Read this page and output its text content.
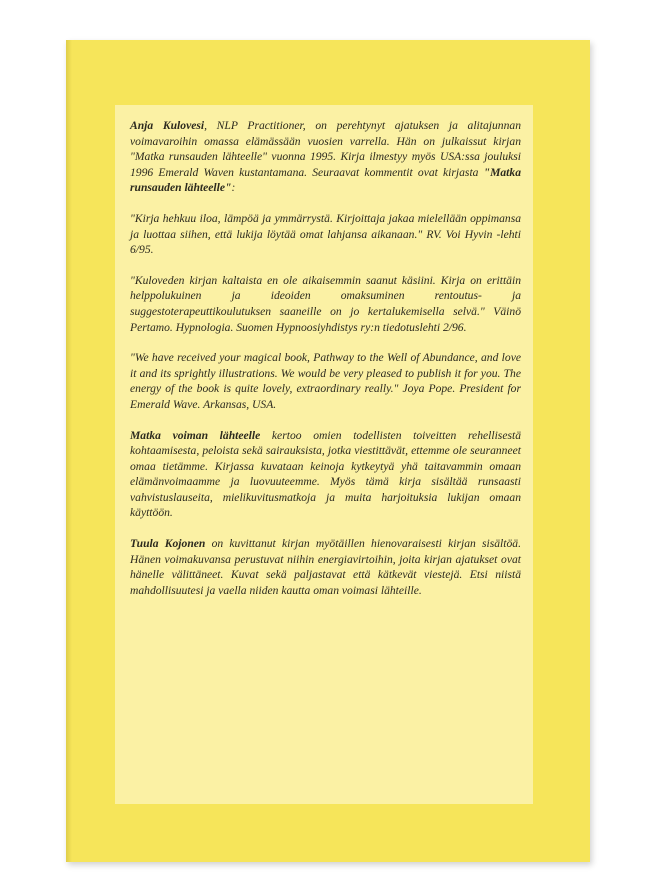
Anja Kulovesi, NLP Practitioner, on perehtynyt ajatuksen ja alitajunnan voimavaroihin omassa elämässään vuosien varrella. Hän on julkaissut kirjan "Matka runsauden lähteelle" vuonna 1995. Kirja ilmestyy myös USA:ssa jouluksi 1996 Emerald Waven kustantamana. Seuraavat kommentit ovat kirjasta "Matka runsauden lähteelle":

"Kirja hehkuu iloa, lämpöä ja ymmärrystä. Kirjoittaja jakaa mielellään oppimansa ja luottaa siihen, että lukija löytää omat lahjansa aikanaan." RV. Voi Hyvin -lehti 6/95.

"Kuloveden kirjan kaltaista en ole aikaisemmin saanut käsiini. Kirja on erittäin helppolukuinen ja ideoiden omaksuminen rentoutus- ja suggestoterapeuttikoulutuksen saaneille on jo kertalukemisella selvä." Väinö Pertamo. Hypnologia. Suomen Hypnoosiyhdistys ry:n tiedotuslehti 2/96.

"We have received your magical book, Pathway to the Well of Abundance, and love it and its sprightly illustrations. We would be very pleased to publish it for you. The energy of the book is quite lovely, extraordinary really." Joya Pope. President for Emerald Wave. Arkansas, USA.

Matka voiman lähteelle kertoo omien todellisten toiveitten rehellisestä kohtaamisesta, peloista sekä sairauksista, jotka viestittävät, ettemme ole seuranneet omaa tietämme. Kirjassa kuvataan keinoja kytkeytyä yhä taitavammin omaan elämänvoimaamme ja luovuuteemme. Myös tämä kirja sisältää runsaasti vahvistuslauseita, mielikuvitusmatkoja ja muita harjoituksia lukijan omaan käyttöön.

Tuula Kojonen on kuvittanut kirjan myötäillen hienovaraisesti kirjan sisältöä. Hänen voimakuvansa perustuvat niihin energiavirtoihin, joita kirjan ajatukset ovat hänelle välittäneet. Kuvat sekä paljastavat että kätkevät viestejä. Etsi niistä mahdollisuutesi ja vaella niiden kautta oman voimasi lähteille.
